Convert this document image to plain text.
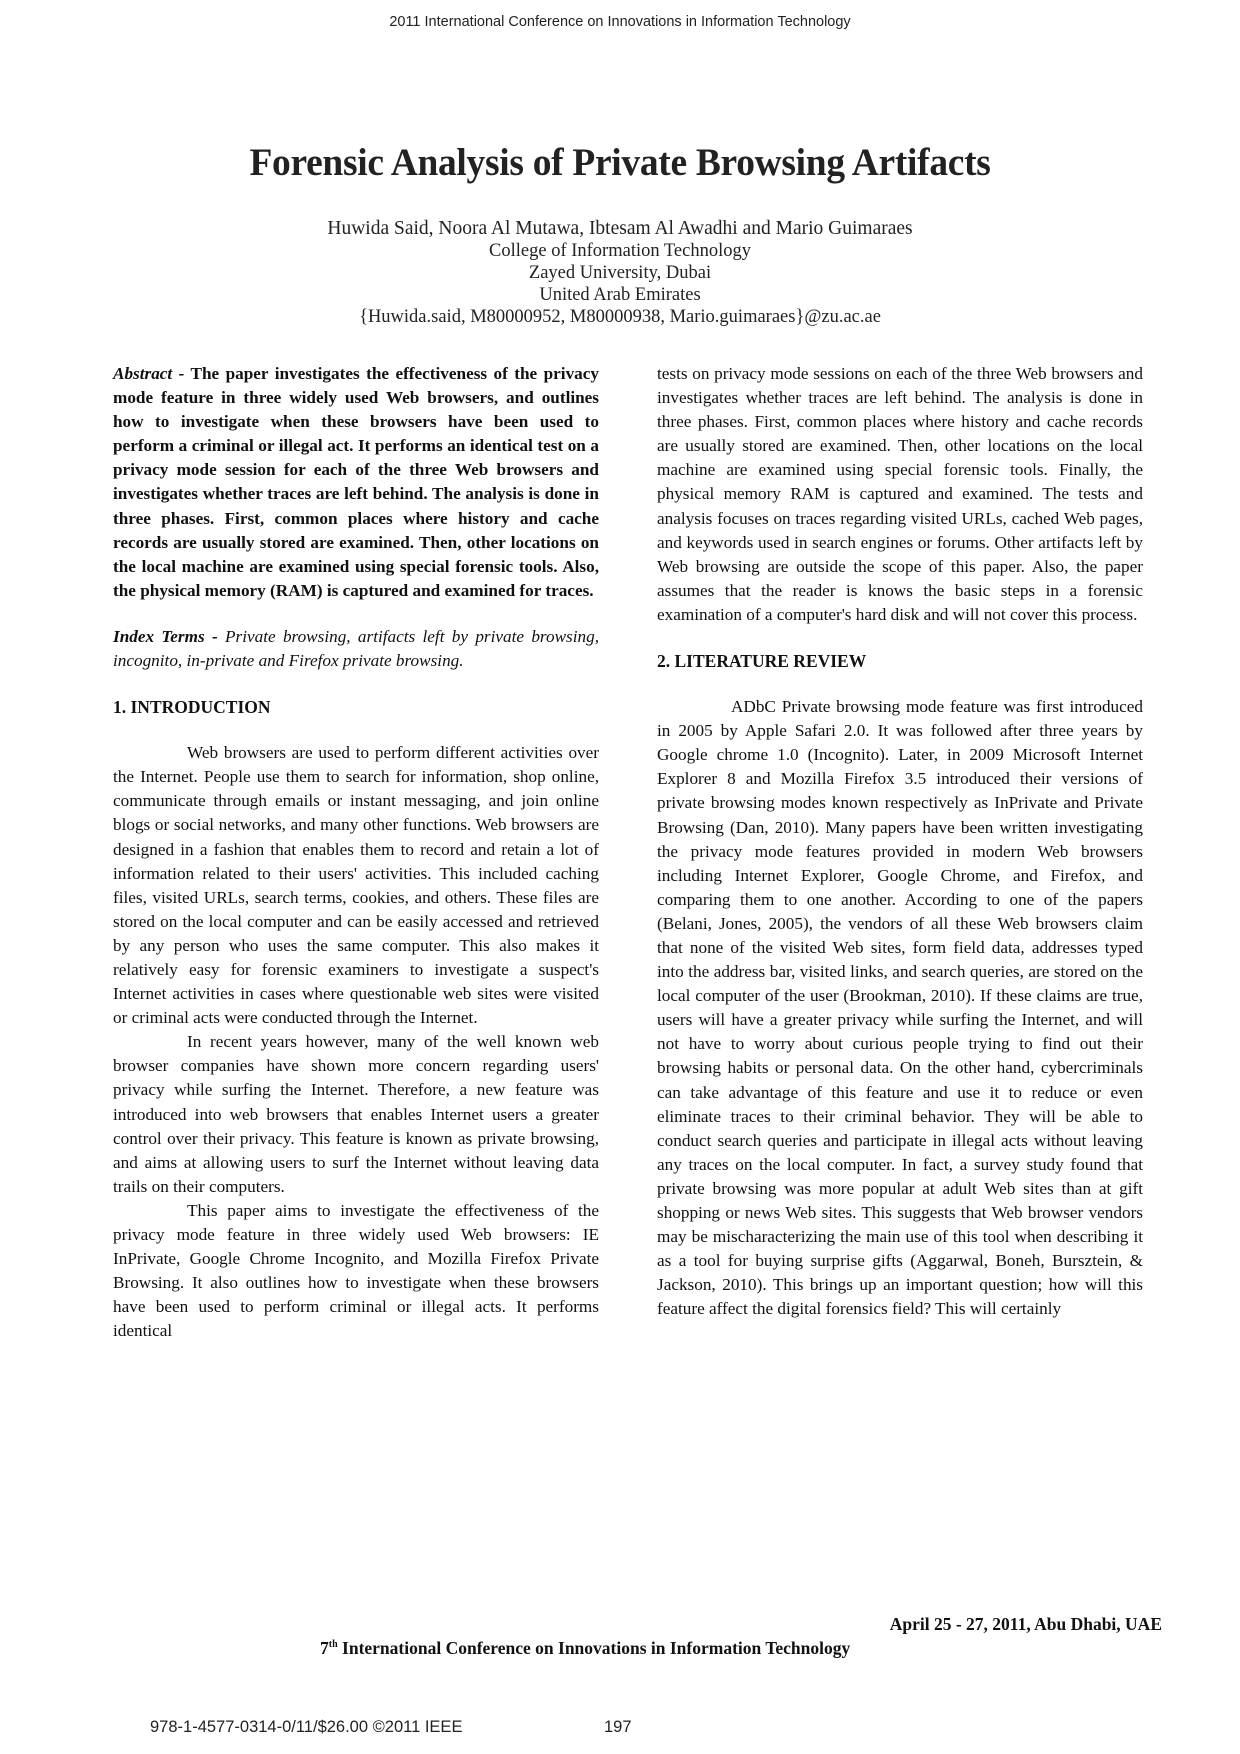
2011 International Conference on Innovations in Information Technology
Forensic Analysis of Private Browsing Artifacts
Huwida Said, Noora Al Mutawa, Ibtesam Al Awadhi and Mario Guimaraes
College of Information Technology
Zayed University, Dubai
United Arab Emirates
{Huwida.said, M80000952, M80000938, Mario.guimaraes}@zu.ac.ae

Abstract - The paper investigates the effectiveness of the privacy mode feature in three widely used Web browsers, and outlines how to investigate when these browsers have been used to perform a criminal or illegal act. It performs an identical test on a privacy mode session for each of the three Web browsers and investigates whether traces are left behind. The analysis is done in three phases. First, common places where history and cache records are usually stored are examined. Then, other locations on the local machine are examined using special forensic tools. Also, the physical memory (RAM) is captured and examined for traces.

Index Terms - Private browsing, artifacts left by private browsing, incognito, in-private and Firefox private browsing.

1. INTRODUCTION

Web browsers are used to perform different activities over the Internet. People use them to search for information, shop online, communicate through emails or instant messaging, and join online blogs or social networks, and many other functions. Web browsers are designed in a fashion that enables them to record and retain a lot of information related to their users' activities. This included caching files, visited URLs, search terms, cookies, and others. These files are stored on the local computer and can be easily accessed and retrieved by any person who uses the same computer. This also makes it relatively easy for forensic examiners to investigate a suspect's Internet activities in cases where questionable web sites were visited or criminal acts were conducted through the Internet.

In recent years however, many of the well known web browser companies have shown more concern regarding users' privacy while surfing the Internet. Therefore, a new feature was introduced into web browsers that enables Internet users a greater control over their privacy. This feature is known as private browsing, and aims at allowing users to surf the Internet without leaving data trails on their computers.

This paper aims to investigate the effectiveness of the privacy mode feature in three widely used Web browsers: IE InPrivate, Google Chrome Incognito, and Mozilla Firefox Private Browsing. It also outlines how to investigate when these browsers have been used to perform criminal or illegal acts. It performs identical

tests on privacy mode sessions on each of the three Web browsers and investigates whether traces are left behind. The analysis is done in three phases. First, common places where history and cache records are usually stored are examined. Then, other locations on the local machine are examined using special forensic tools. Finally, the physical memory RAM is captured and examined. The tests and analysis focuses on traces regarding visited URLs, cached Web pages, and keywords used in search engines or forums. Other artifacts left by Web browsing are outside the scope of this paper. Also, the paper assumes that the reader is knows the basic steps in a forensic examination of a computer's hard disk and will not cover this process.

2. LITERATURE REVIEW

ADbC Private browsing mode feature was first introduced in 2005 by Apple Safari 2.0. It was followed after three years by Google chrome 1.0 (Incognito). Later, in 2009 Microsoft Internet Explorer 8 and Mozilla Firefox 3.5 introduced their versions of private browsing modes known respectively as InPrivate and Private Browsing (Dan, 2010). Many papers have been written investigating the privacy mode features provided in modern Web browsers including Internet Explorer, Google Chrome, and Firefox, and comparing them to one another. According to one of the papers (Belani, Jones, 2005), the vendors of all these Web browsers claim that none of the visited Web sites, form field data, addresses typed into the address bar, visited links, and search queries, are stored on the local computer of the user (Brookman, 2010). If these claims are true, users will have a greater privacy while surfing the Internet, and will not have to worry about curious people trying to find out their browsing habits or personal data. On the other hand, cybercriminals can take advantage of this feature and use it to reduce or even eliminate traces to their criminal behavior. They will be able to conduct search queries and participate in illegal acts without leaving any traces on the local computer. In fact, a survey study found that private browsing was more popular at adult Web sites than at gift shopping or news Web sites. This suggests that Web browser vendors may be mischaracterizing the main use of this tool when describing it as a tool for buying surprise gifts (Aggarwal, Boneh, Bursztein, & Jackson, 2010). This brings up an important question; how will this feature affect the digital forensics field? This will certainly

April 25 - 27, 2011, Abu Dhabi, UAE
7th International Conference on Innovations in Information Technology
978-1-4577-0314-0/11/$26.00 ©2011 IEEE	197
